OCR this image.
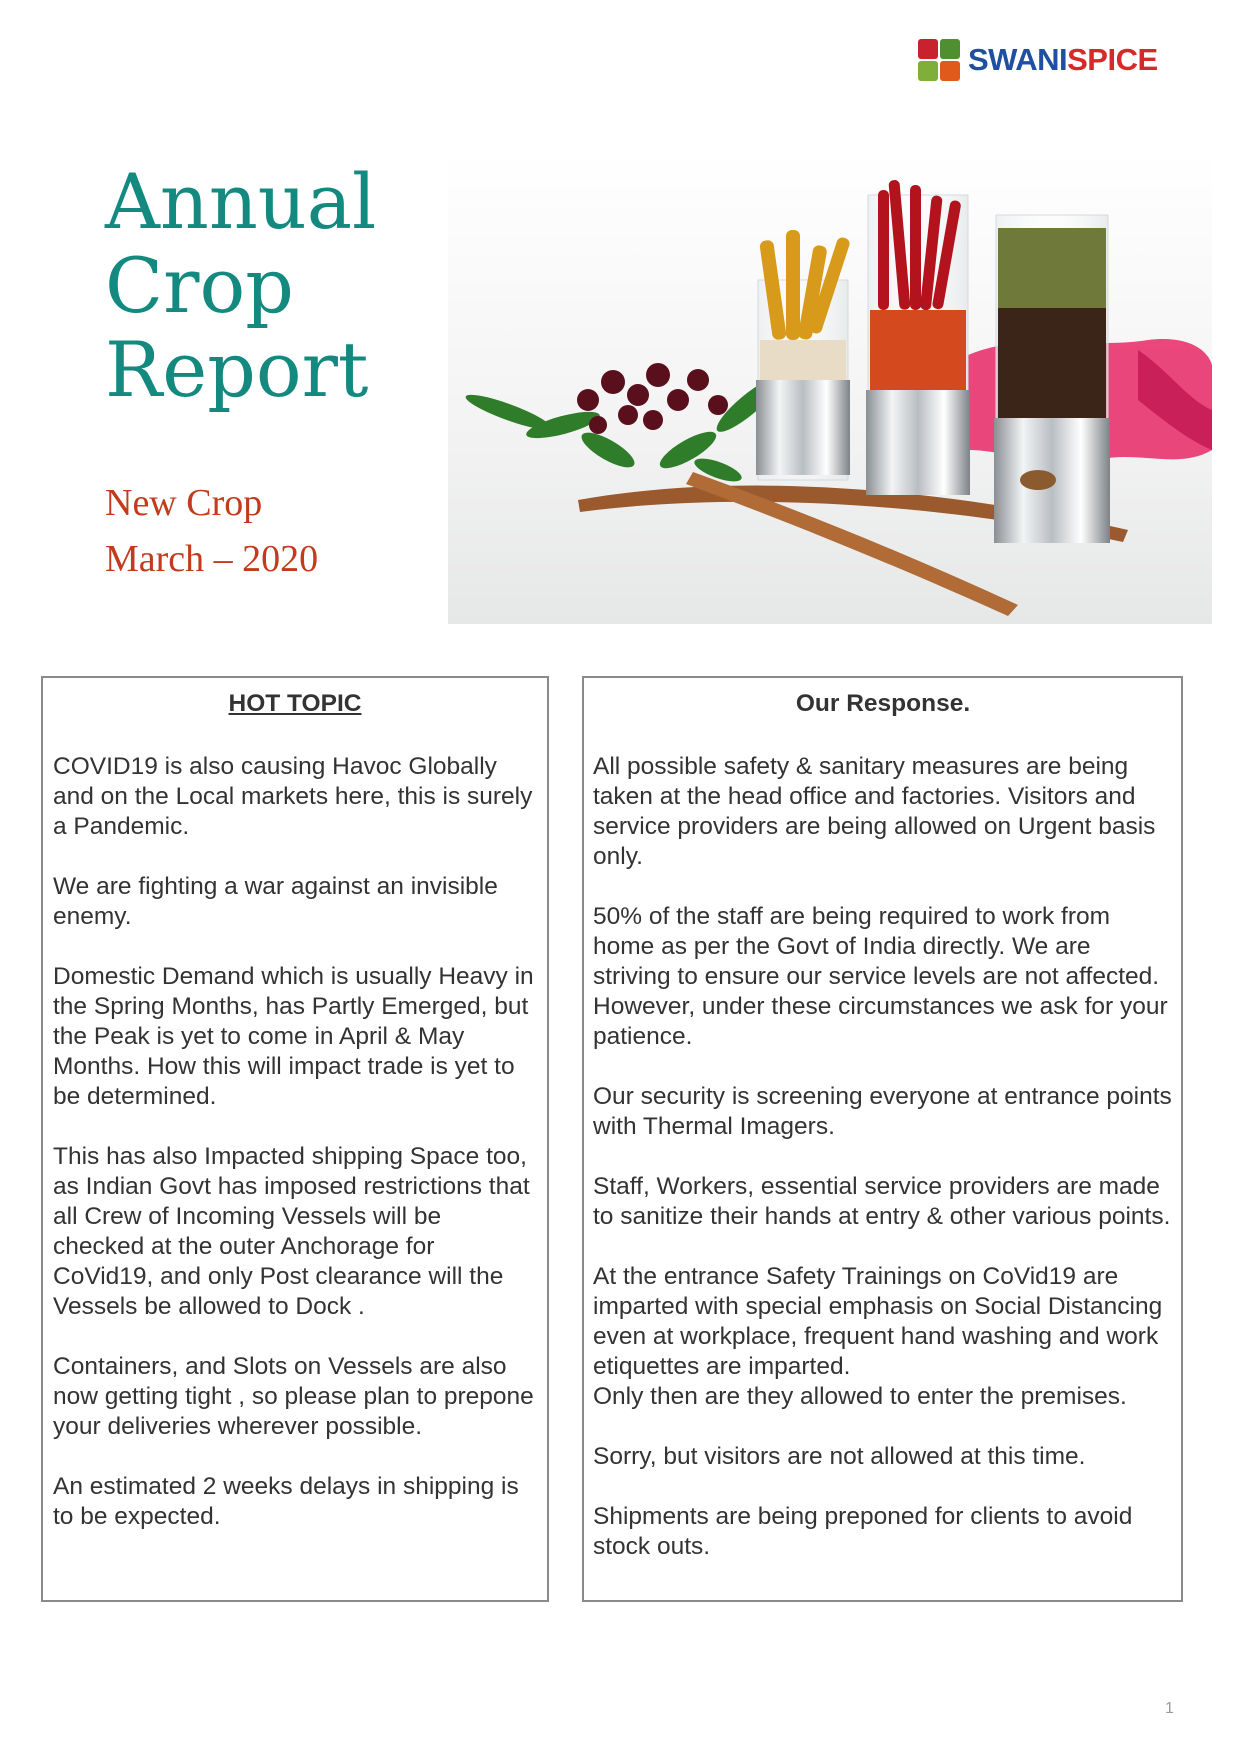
SWANISPICE
Annual
Crop
Report
New Crop
March – 2020
HOT TOPIC

COVID19 is also causing Havoc Globally and on the Local markets here, this is surely a Pandemic.

We are fighting a war against an invisible enemy.

Domestic Demand which is usually Heavy in the Spring Months, has Partly Emerged, but the Peak is yet to come in April & May Months. How this will impact trade is yet to be determined.

This has also Impacted shipping Space too, as Indian Govt has imposed restrictions that all Crew of Incoming Vessels will be checked at the outer Anchorage for CoVid19, and only Post clearance will the Vessels be allowed to Dock .

Containers, and Slots on Vessels are also now getting tight , so please plan to prepone your deliveries wherever possible.

An estimated 2 weeks delays in shipping is to be expected.

Our Response.

All possible safety & sanitary measures are being taken at the head office and factories. Visitors and service providers are being allowed on Urgent basis only.

50% of the staff are being required to work from home as per the Govt of India directly. We are striving to ensure our service levels are not affected. However, under these circumstances we ask for your patience.

Our security is screening everyone at entrance points with Thermal Imagers.

Staff, Workers, essential service providers are made to sanitize their hands at entry & other various points.

At the entrance Safety Trainings on CoVid19 are imparted with special emphasis on Social Distancing even at workplace, frequent hand washing and work etiquettes are imparted.

Only then are they allowed to enter the premises.

Sorry, but visitors are not allowed at this time.

Shipments are being preponed for clients to avoid stock outs.

1
